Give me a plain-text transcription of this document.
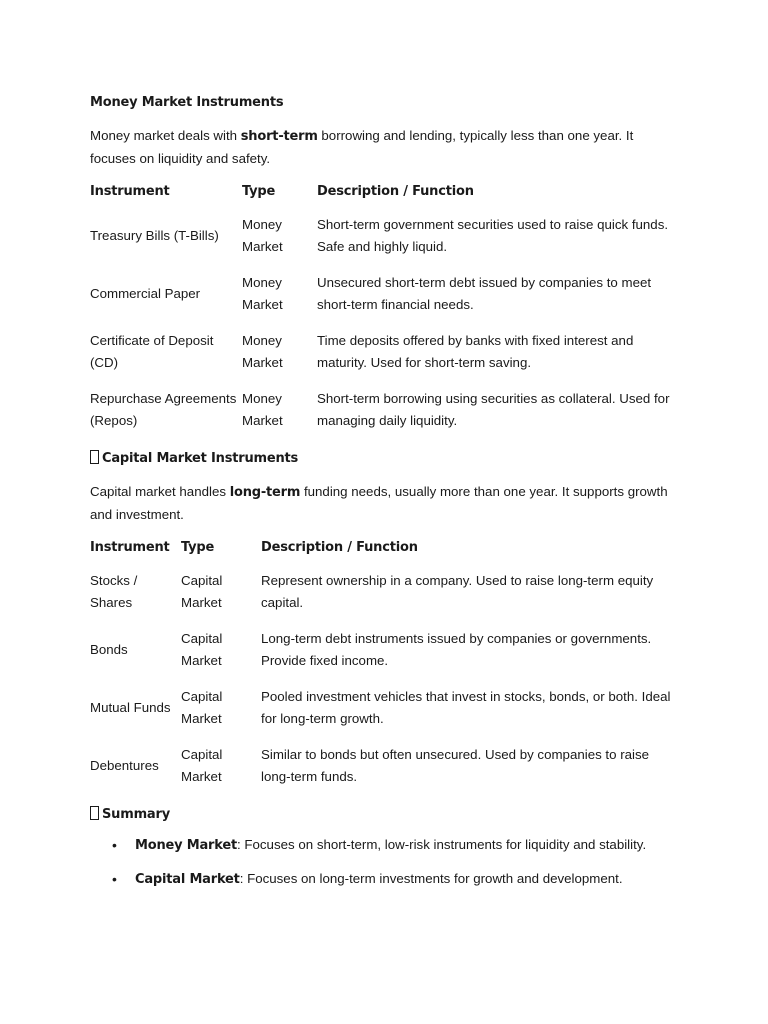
Money Market Instruments

Money market deals with short-term borrowing and lending, typically less than one year. It focuses on liquidity and safety.

Instrument	Type	Description / Function
Treasury Bills (T-Bills)	Money Market	Short-term government securities used to raise quick funds. Safe and highly liquid.
Commercial Paper	Money Market	Unsecured short-term debt issued by companies to meet short-term financial needs.
Certificate of Deposit (CD)	Money Market	Time deposits offered by banks with fixed interest and maturity. Used for short-term saving.
Repurchase Agreements (Repos)	Money Market	Short-term borrowing using securities as collateral. Used for managing daily liquidity.
Capital Market Instruments

Capital market handles long-term funding needs, usually more than one year. It supports growth and investment.

Instrument	Type	Description / Function
Stocks / Shares	Capital Market	Represent ownership in a company. Used to raise long-term equity capital.
Bonds	Capital Market	Long-term debt instruments issued by companies or governments. Provide fixed income.
Mutual Funds	Capital Market	Pooled investment vehicles that invest in stocks, bonds, or both. Ideal for long-term growth.
Debentures	Capital Market	Similar to bonds but often unsecured. Used by companies to raise long-term funds.
Summary
• Money Market: Focuses on short-term, low-risk instruments for liquidity and stability.
• Capital Market: Focuses on long-term investments for growth and development.
